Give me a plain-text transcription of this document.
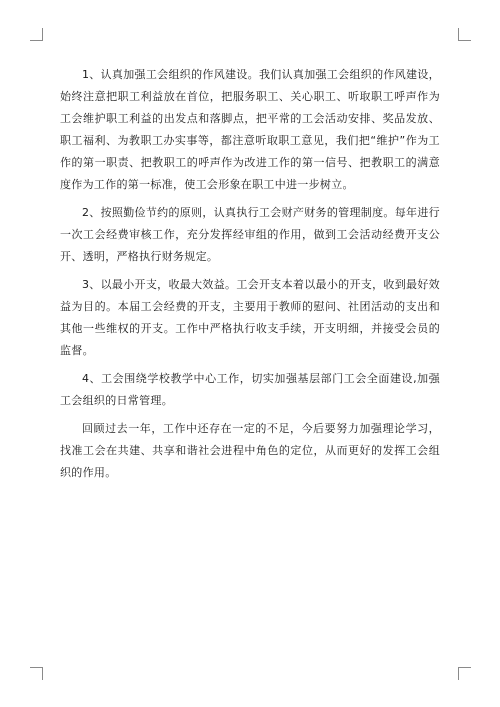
1、认真加强工会组织的作风建设。我们认真加强工会组织的作风建设，始终注意把职工利益放在首位，把服务职工、关心职工、听取职工呼声作为工会维护职工利益的出发点和落脚点，把平常的工会活动安排、奖品发放、职工福利、为教职工办实事等，都注意听取职工意见，我们把“维护”作为工作的第一职责、把教职工的呼声作为改进工作的第一信号、把教职工的满意度作为工作的第一标准，使工会形象在职工中进一步树立。

2、按照勤俭节约的原则，认真执行工会财产财务的管理制度。每年进行一次工会经费审核工作，充分发挥经审组的作用，做到工会活动经费开支公开、透明，严格执行财务规定。

3、以最小开支，收最大效益。工会开支本着以最小的开支，收到最好效益为目的。本届工会经费的开支，主要用于教师的慰问、社团活动的支出和其他一些维权的开支。工作中严格执行收支手续，开支明细，并接受会员的监督。

4、工会围绕学校教学中心工作，切实加强基层部门工会全面建设,加强工会组织的日常管理。

回顾过去一年，工作中还存在一定的不足，今后要努力加强理论学习，找准工会在共建、共享和谐社会进程中角色的定位，从而更好的发挥工会组织的作用。
